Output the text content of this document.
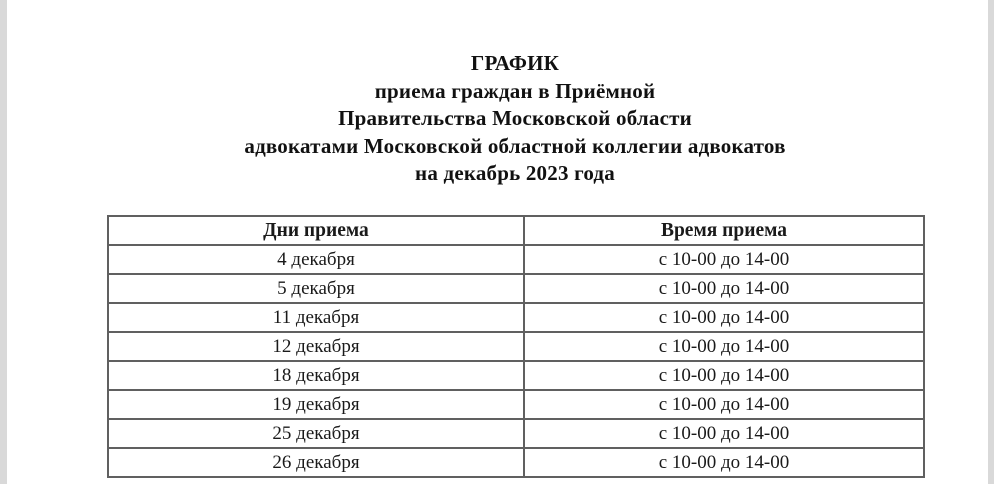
ГРАФИК
приема граждан в Приёмной
Правительства Московской области
адвокатами Московской областной коллегии адвокатов
на декабрь 2023 года
Дни приема	Время приема
4 декабря	с 10-00 до 14-00
5 декабря	с 10-00 до 14-00
11 декабря	с 10-00 до 14-00
12 декабря	с 10-00 до 14-00
18 декабря	с 10-00 до 14-00
19 декабря	с 10-00 до 14-00
25 декабря	с 10-00 до 14-00
26 декабря	с 10-00 до 14-00
